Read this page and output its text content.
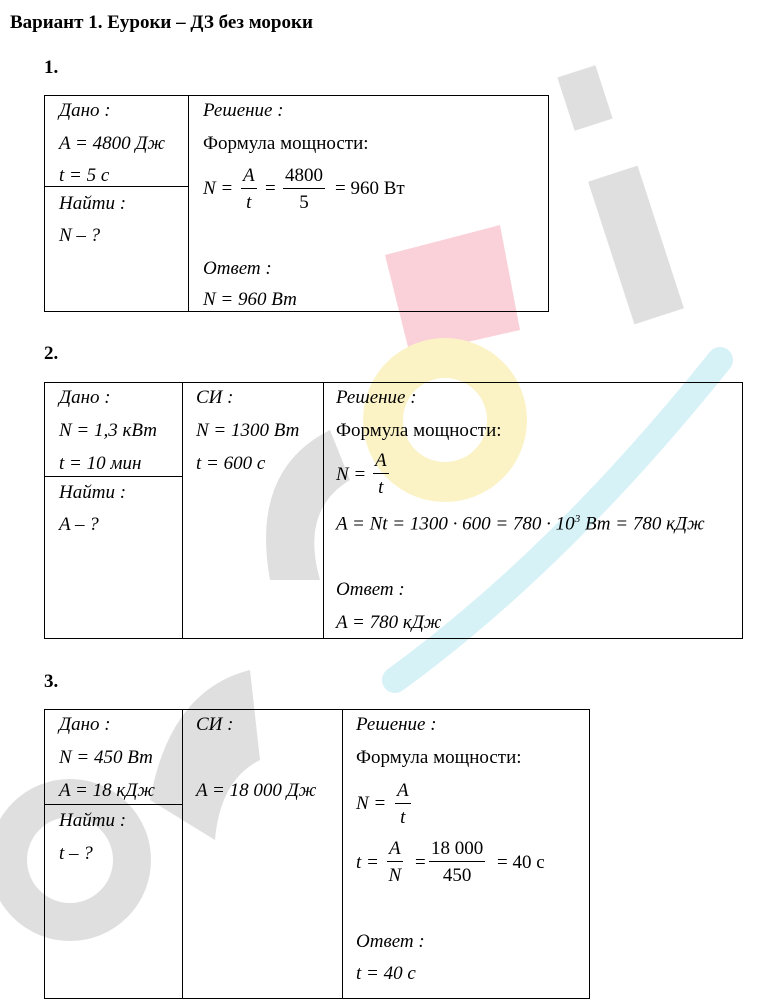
Вариант 1. Еуроки – ДЗ без мороки
1.
Дано :
A = 4800 Дж
t = 5 с
Найти :
N – ?
Решение :
Формула мощности:
$N = \frac{A}{t} = \frac{4800}{5} = 960$ Вт
Ответ :
N = 960 Вт
2.
Дано :
N = 1,3 кВт
t = 10 мин
Найти :
A – ?
СИ :
N = 1300 Вт
t = 600 с
Решение :
Формула мощности:
$N = \frac{A}{t}$
$A = Nt = 1300 \cdot 600 = 780 \cdot 10^3$ Вт = 780 кДж
Ответ :
A = 780 кДж
3.
Дано :
N = 450 Вт
A = 18 кДж
Найти :
t – ?
СИ :
A = 18 000 Дж
Решение :
Формула мощности:
$N = \frac{A}{t}$
$t = \frac{A}{N} = \frac{18 000}{450} = 40$ с
Ответ :
t = 40 с
